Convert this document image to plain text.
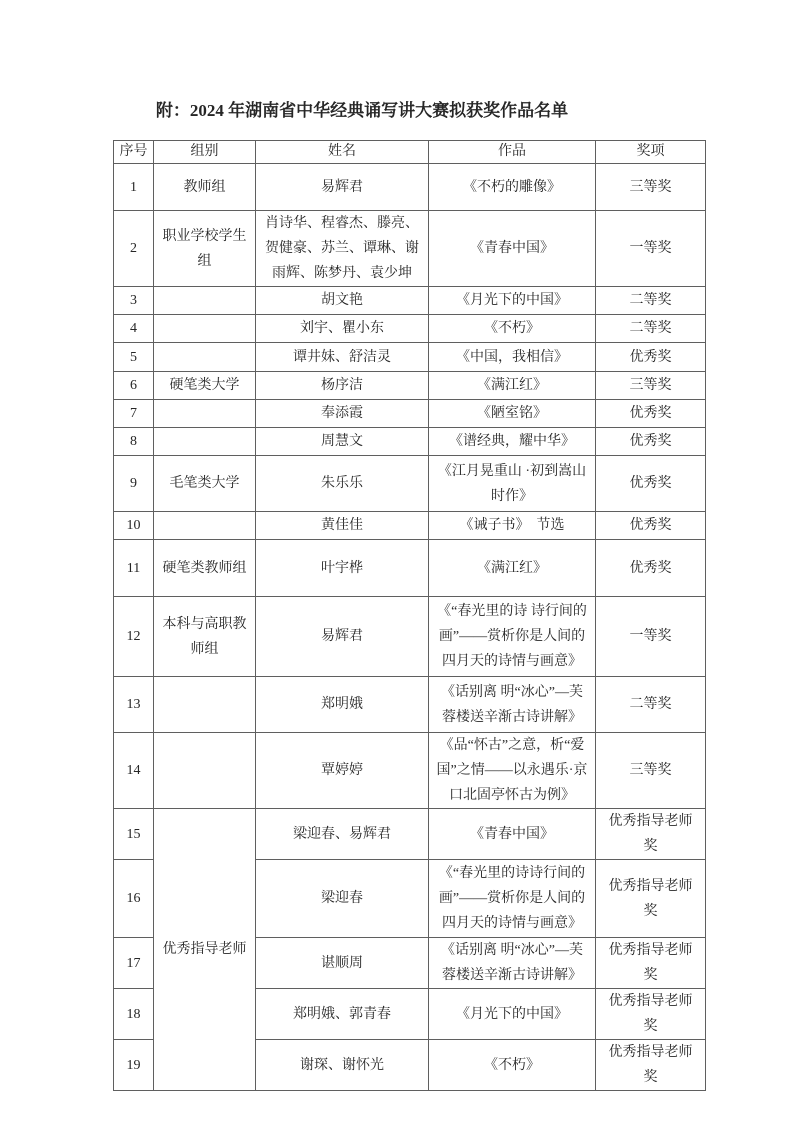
附：2024 年湖南省中华经典诵写讲大赛拟获奖作品名单
序号	组别	姓名	作品	奖项
1	教师组	易辉君	《不朽的雕像》	三等奖
2	职业学校学生组	肖诗华、程睿杰、滕亮、贺健豪、苏兰、谭琳、谢雨辉、陈梦丹、袁少坤	《青春中国》	一等奖
3		胡文艳	《月光下的中国》	二等奖
4		刘宇、瞿小东	《不朽》	二等奖
5		谭井妹、舒洁灵	《中国，我相信》	优秀奖
6	硬笔类大学	杨序洁	《满江红》	三等奖
7		奉添霞	《陋室铭》	优秀奖
8		周慧文	《谱经典，耀中华》	优秀奖
9	毛笔类大学	朱乐乐	《江月晃重山 ·初到嵩山时作》	优秀奖
10		黄佳佳	《诫子书》　节选	优秀奖
11	硬笔类教师组	叶宇桦	《满江红》	优秀奖
12	本科与高职教师组	易辉君	《“春光里的诗 诗行间的画”——赏析你是人间的四月天的诗情与画意》	一等奖
13		郑明娥	《话别离 明“冰心”—芙蓉楼送辛渐古诗讲解》	二等奖
14		覃婷婷	《品“怀古”之意，析“爱国”之情——以永遇乐·京口北固亭怀古为例》	三等奖
15	优秀指导老师	梁迎春、易辉君	《青春中国》	优秀指导老师奖
16		梁迎春	《“春光里的诗诗行间的画”——赏析你是人间的四月天的诗情与画意》	优秀指导老师奖
17		谌顺周	《话别离 明“冰心”—芙蓉楼送辛渐古诗讲解》	优秀指导老师奖
18		郑明娥、郭青春	《月光下的中国》	优秀指导老师奖
19		谢琛、谢怀光	《不朽》	优秀指导老师奖
